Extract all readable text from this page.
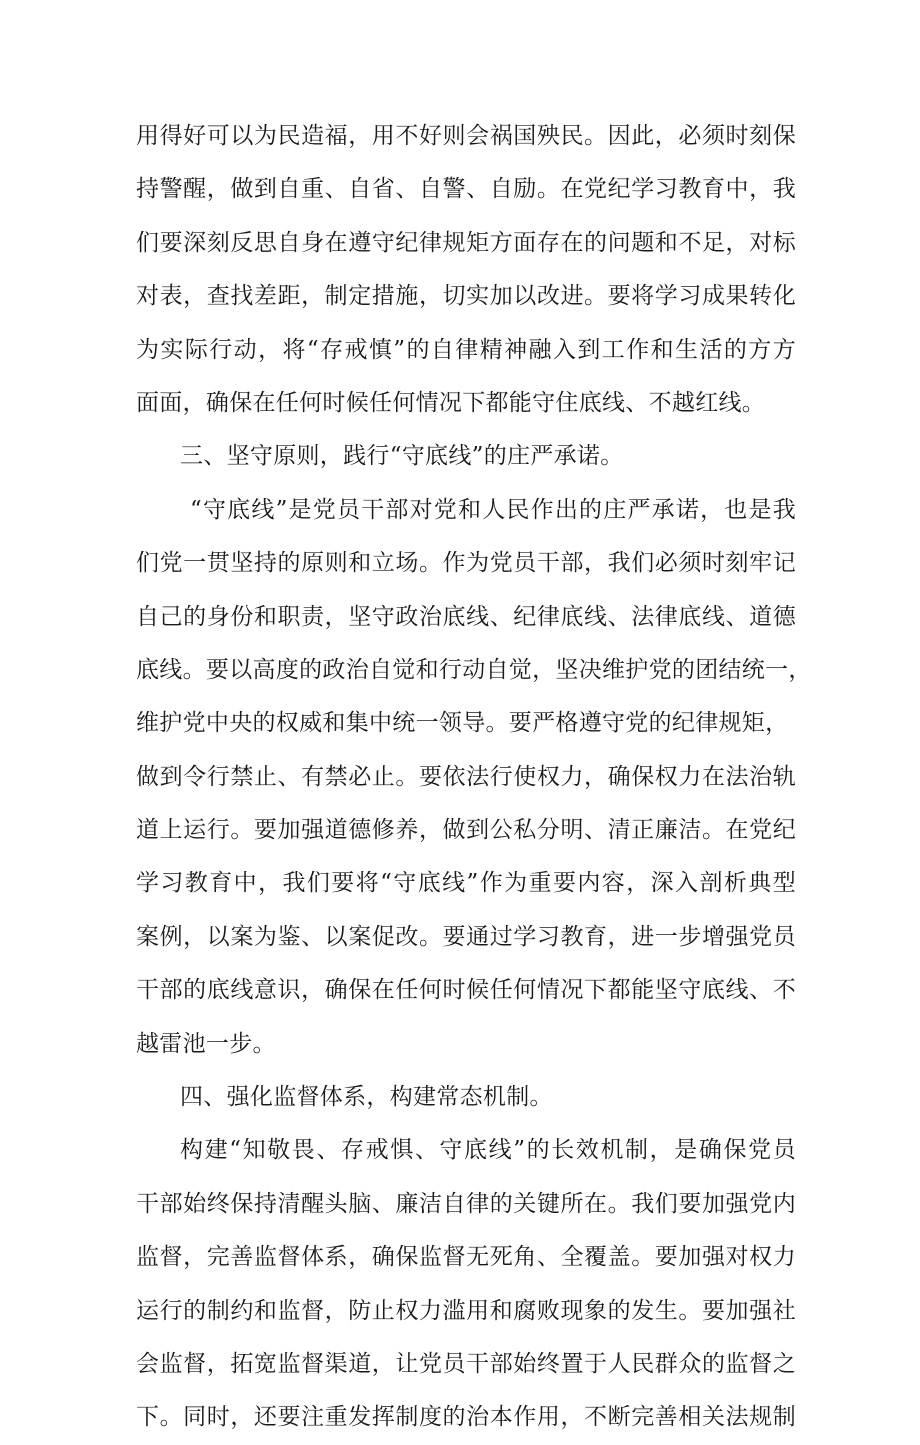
用得好可以为民造福，用不好则会祸国殃民。因此，必须时刻保
持警醒，做到自重、自省、自警、自励。在党纪学习教育中，我
们要深刻反思自身在遵守纪律规矩方面存在的问题和不足，对标
对表，查找差距，制定措施，切实加以改进。要将学习成果转化
为实际行动，将“存戒慎”的自律精神融入到工作和生活的方方
面面，确保在任何时候任何情况下都能守住底线、不越红线。
三、坚守原则，践行“守底线”的庄严承诺。
“守底线”是党员干部对党和人民作出的庄严承诺，也是我
们党一贯坚持的原则和立场。作为党员干部，我们必须时刻牢记
自己的身份和职责，坚守政治底线、纪律底线、法律底线、道德
底线。要以高度的政治自觉和行动自觉，坚决维护党的团结统一，
维护党中央的权威和集中统一领导。要严格遵守党的纪律规矩，
做到令行禁止、有禁必止。要依法行使权力，确保权力在法治轨
道上运行。要加强道德修养，做到公私分明、清正廉洁。在党纪
学习教育中，我们要将“守底线”作为重要内容，深入剖析典型
案例，以案为鉴、以案促改。要通过学习教育，进一步增强党员
干部的底线意识，确保在任何时候任何情况下都能坚守底线、不
越雷池一步。
四、强化监督体系，构建常态机制。
构建“知敬畏、存戒惧、守底线”的长效机制，是确保党员
干部始终保持清醒头脑、廉洁自律的关键所在。我们要加强党内
监督，完善监督体系，确保监督无死角、全覆盖。要加强对权力
运行的制约和监督，防止权力滥用和腐败现象的发生。要加强社
会监督，拓宽监督渠道，让党员干部始终置于人民群众的监督之
下。同时，还要注重发挥制度的治本作用，不断完善相关法规制
